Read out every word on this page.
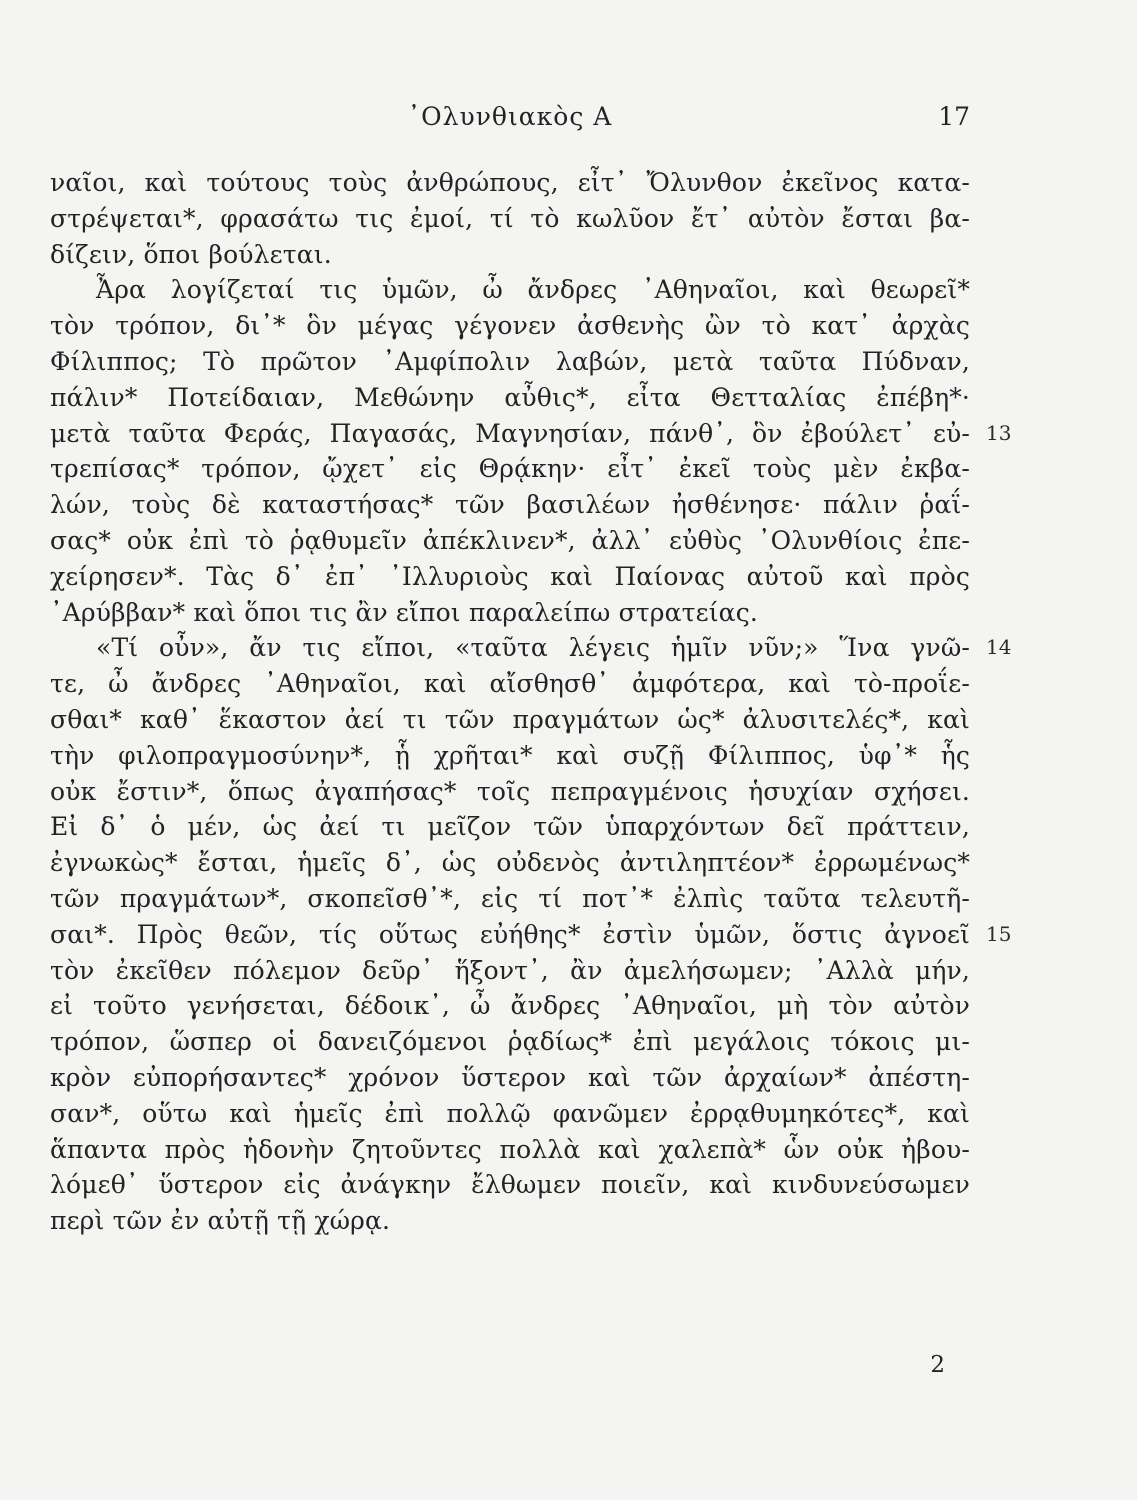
᾿Ολυνθιακὸς Α	17
ναῖοι, καὶ τούτους τοὺς ἀνθρώπους, εἶτ᾿ Ὄλυνθον ἐκεῖνος κατα-
στρέψεται*, φρασάτω τις ἐμοί, τί τὸ κωλῦον ἔτ᾿ αὐτὸν ἔσται βα-
δίζειν, ὅποι βούλεται.
Ἆρα λογίζεταί τις ὑμῶν, ὦ ἄνδρες ᾿Αθηναῖοι, καὶ θεωρεῖ*
τὸν τρόπον, δι᾿* ὃν μέγας γέγονεν ἀσθενὴς ὢν τὸ κατ᾿ ἀρχὰς
Φίλιππος; Τὸ πρῶτον ᾿Αμφίπολιν λαβών, μετὰ ταῦτα Πύδναν,
πάλιν* Ποτείδαιαν, Μεθώνην αὖθις*, εἶτα Θετταλίας ἐπέβη*·
μετὰ ταῦτα Φεράς, Παγασάς, Μαγνησίαν, πάνθ᾿, ὃν ἐβούλετ᾿ εὐ- 13
τρεπίσας* τρόπον, ᾤχετ᾿ εἰς Θρᾴκην· εἶτ᾿ ἐκεῖ τοὺς μὲν ἐκβα-
λών, τοὺς δὲ καταστήσας* τῶν βασιλέων ἠσθένησε· πάλιν ῥαΐ-
σας* οὐκ ἐπὶ τὸ ῥᾳθυμεῖν ἀπέκλινεν*, ἀλλ᾿ εὐθὺς ᾿Ολυνθίοις ἐπε-
χείρησεν*. Τὰς δ᾿ ἐπ᾿ ᾿Ιλλυριοὺς καὶ Παίονας αὐτοῦ καὶ πρὸς
᾿Αρύββαν* καὶ ὅποι τις ἂν εἴποι παραλείπω στρατείας.
«Τί οὖν», ἄν τις εἴποι, «ταῦτα λέγεις ἡμῖν νῦν;» Ἵνα γνῶ- 14
τε, ὦ ἄνδρες ᾿Αθηναῖοι, καὶ αἴσθησθ᾿ ἀμφότερα, καὶ τὸ-προΐε-
σθαι* καθ᾿ ἕκαστον ἀεί τι τῶν πραγμάτων ὡς* ἀλυσιτελές*, καὶ
τὴν φιλοπραγμοσύνην*, ᾗ χρῆται* καὶ συζῇ Φίλιππος, ὑφ᾿* ἧς
οὐκ ἔστιν*, ὅπως ἀγαπήσας* τοῖς πεπραγμένοις ἡσυχίαν σχήσει.
Εἰ δ᾿ ὁ μέν, ὡς ἀεί τι μεῖζον τῶν ὑπαρχόντων δεῖ πράττειν,
ἐγνωκὼς* ἔσται, ἡμεῖς δ᾿, ὡς οὐδενὸς ἀντιληπτέον* ἐρρωμένως*
τῶν πραγμάτων*, σκοπεῖσθ᾿*, εἰς τί ποτ᾿* ἐλπὶς ταῦτα τελευτῆ-
σαι*. Πρὸς θεῶν, τίς οὕτως εὐήθης* ἐστὶν ὑμῶν, ὅστις ἀγνοεῖ 15
τὸν ἐκεῖθεν πόλεμον δεῦρ᾿ ἥξοντ᾿, ἂν ἀμελήσωμεν; ᾿Αλλὰ μήν,
εἰ τοῦτο γενήσεται, δέδοικ᾿, ὦ ἄνδρες ᾿Αθηναῖοι, μὴ τὸν αὐτὸν
τρόπον, ὥσπερ οἱ δανειζόμενοι ῥᾳδίως* ἐπὶ μεγάλοις τόκοις μι-
κρὸν εὐπορήσαντες* χρόνον ὕστερον καὶ τῶν ἀρχαίων* ἀπέστη-
σαν*, οὕτω καὶ ἡμεῖς ἐπὶ πολλῷ φανῶμεν ἐρρᾳθυμηκότες*, καὶ
ἅπαντα πρὸς ἡδονὴν ζητοῦντες πολλὰ καὶ χαλεπὰ* ὧν οὐκ ἠβου-
λόμεθ᾿ ὕστερον εἰς ἀνάγκην ἔλθωμεν ποιεῖν, καὶ κινδυνεύσωμεν
περὶ τῶν ἐν αὐτῇ τῇ χώρᾳ.
2
